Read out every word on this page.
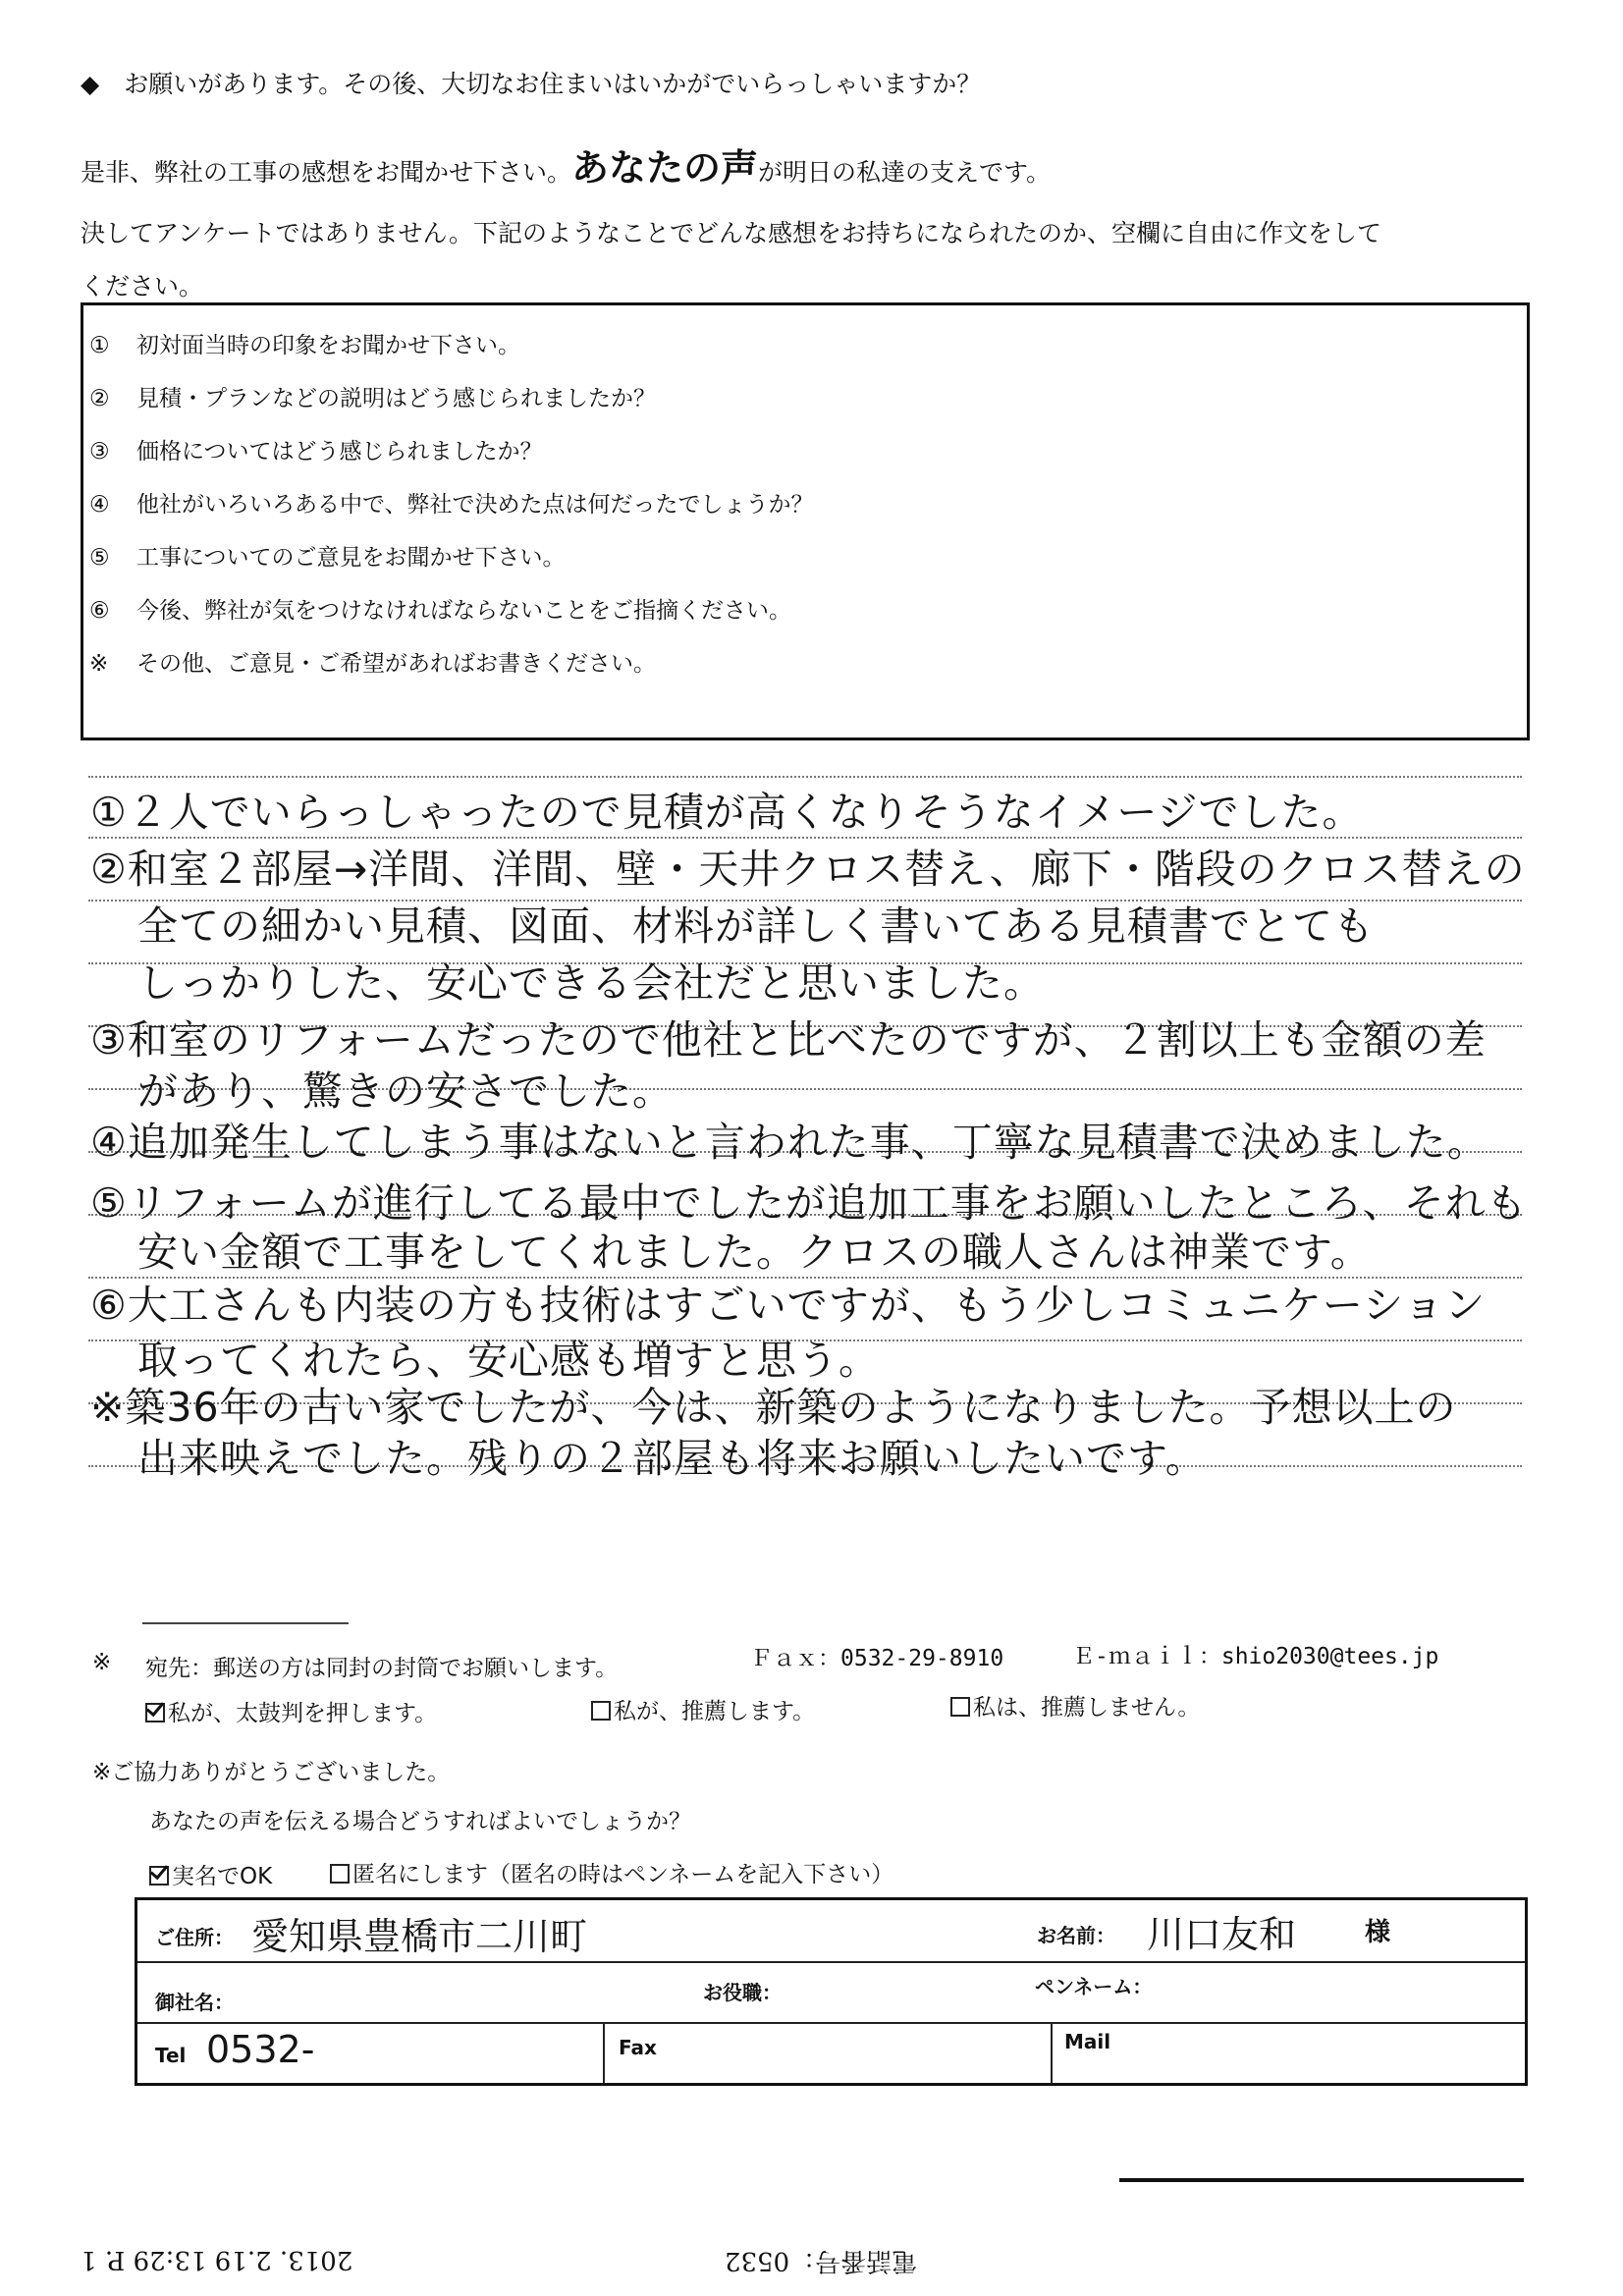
◆　お願いがあります。その後、大切なお住まいはいかがでいらっしゃいますか？
是非、弊社の工事の感想をお聞かせ下さい。あなたの声が明日の私達の支えです。
決してアンケートではありません。下記のようなことでどんな感想をお持ちになられたのか、空欄に自由に作文をして
ください。
① 初対面当時の印象をお聞かせ下さい。
② 見積・プランなどの説明はどう感じられましたか？
③ 価格についてはどう感じられましたか？
④ 他社がいろいろある中で、弊社で決めた点は何だったでしょうか？
⑤ 工事についてのご意見をお聞かせ下さい。
⑥ 今後、弊社が気をつけなければならないことをご指摘ください。
※ その他、ご意見・ご希望があればお書きください。
①２人でいらっしゃったので見積が高くなりそうなイメージでした。
②和室２部屋→洋間、洋間、壁・天井クロス替え、廊下・階段のクロス替えの
全ての細かい見積、図面、材料が詳しく書いてある見積書でとても
しっかりした、安心できる会社だと思いました。
③和室のリフォームだったので他社と比べたのですが、２割以上も金額の差
があり、驚きの安さでした。
④追加発生してしまう事はないと言われた事、丁寧な見積書で決めました。
⑤リフォームが進行してる最中でしたが追加工事をお願いしたところ、それも
安い金額で工事をしてくれました。クロスの職人さんは神業です。
⑥大工さんも内装の方も技術はすごいですが、もう少しコミュニケーション
取ってくれたら、安心感も増すと思う。
※築36年の古い家でしたが、今は、新築のようになりました。予想以上の
出来映えでした。残りの２部屋も将来お願いしたいです。
※ 宛先：郵送の方は同封の封筒でお願いします。	Ｆａｘ：0532-29-8910	Ｅ-ｍａｉｌ：shio2030@tees.jp
私が、太鼓判を押します。	私が、推薦します。	私は、推薦しません。
※ご協力ありがとうございました。
あなたの声を伝える場合どうすればよいでしょうか？
実名でOK	匿名にします（匿名の時はペンネームを記入下さい）
ご住所： 愛知県豊橋市二川町	お名前： 川口友和	様
御社名：	お役職：	ペンネーム：
Tel 0532-	Fax	Mail
2013. 2.19 13:29 P. 1	電話番号：0532
